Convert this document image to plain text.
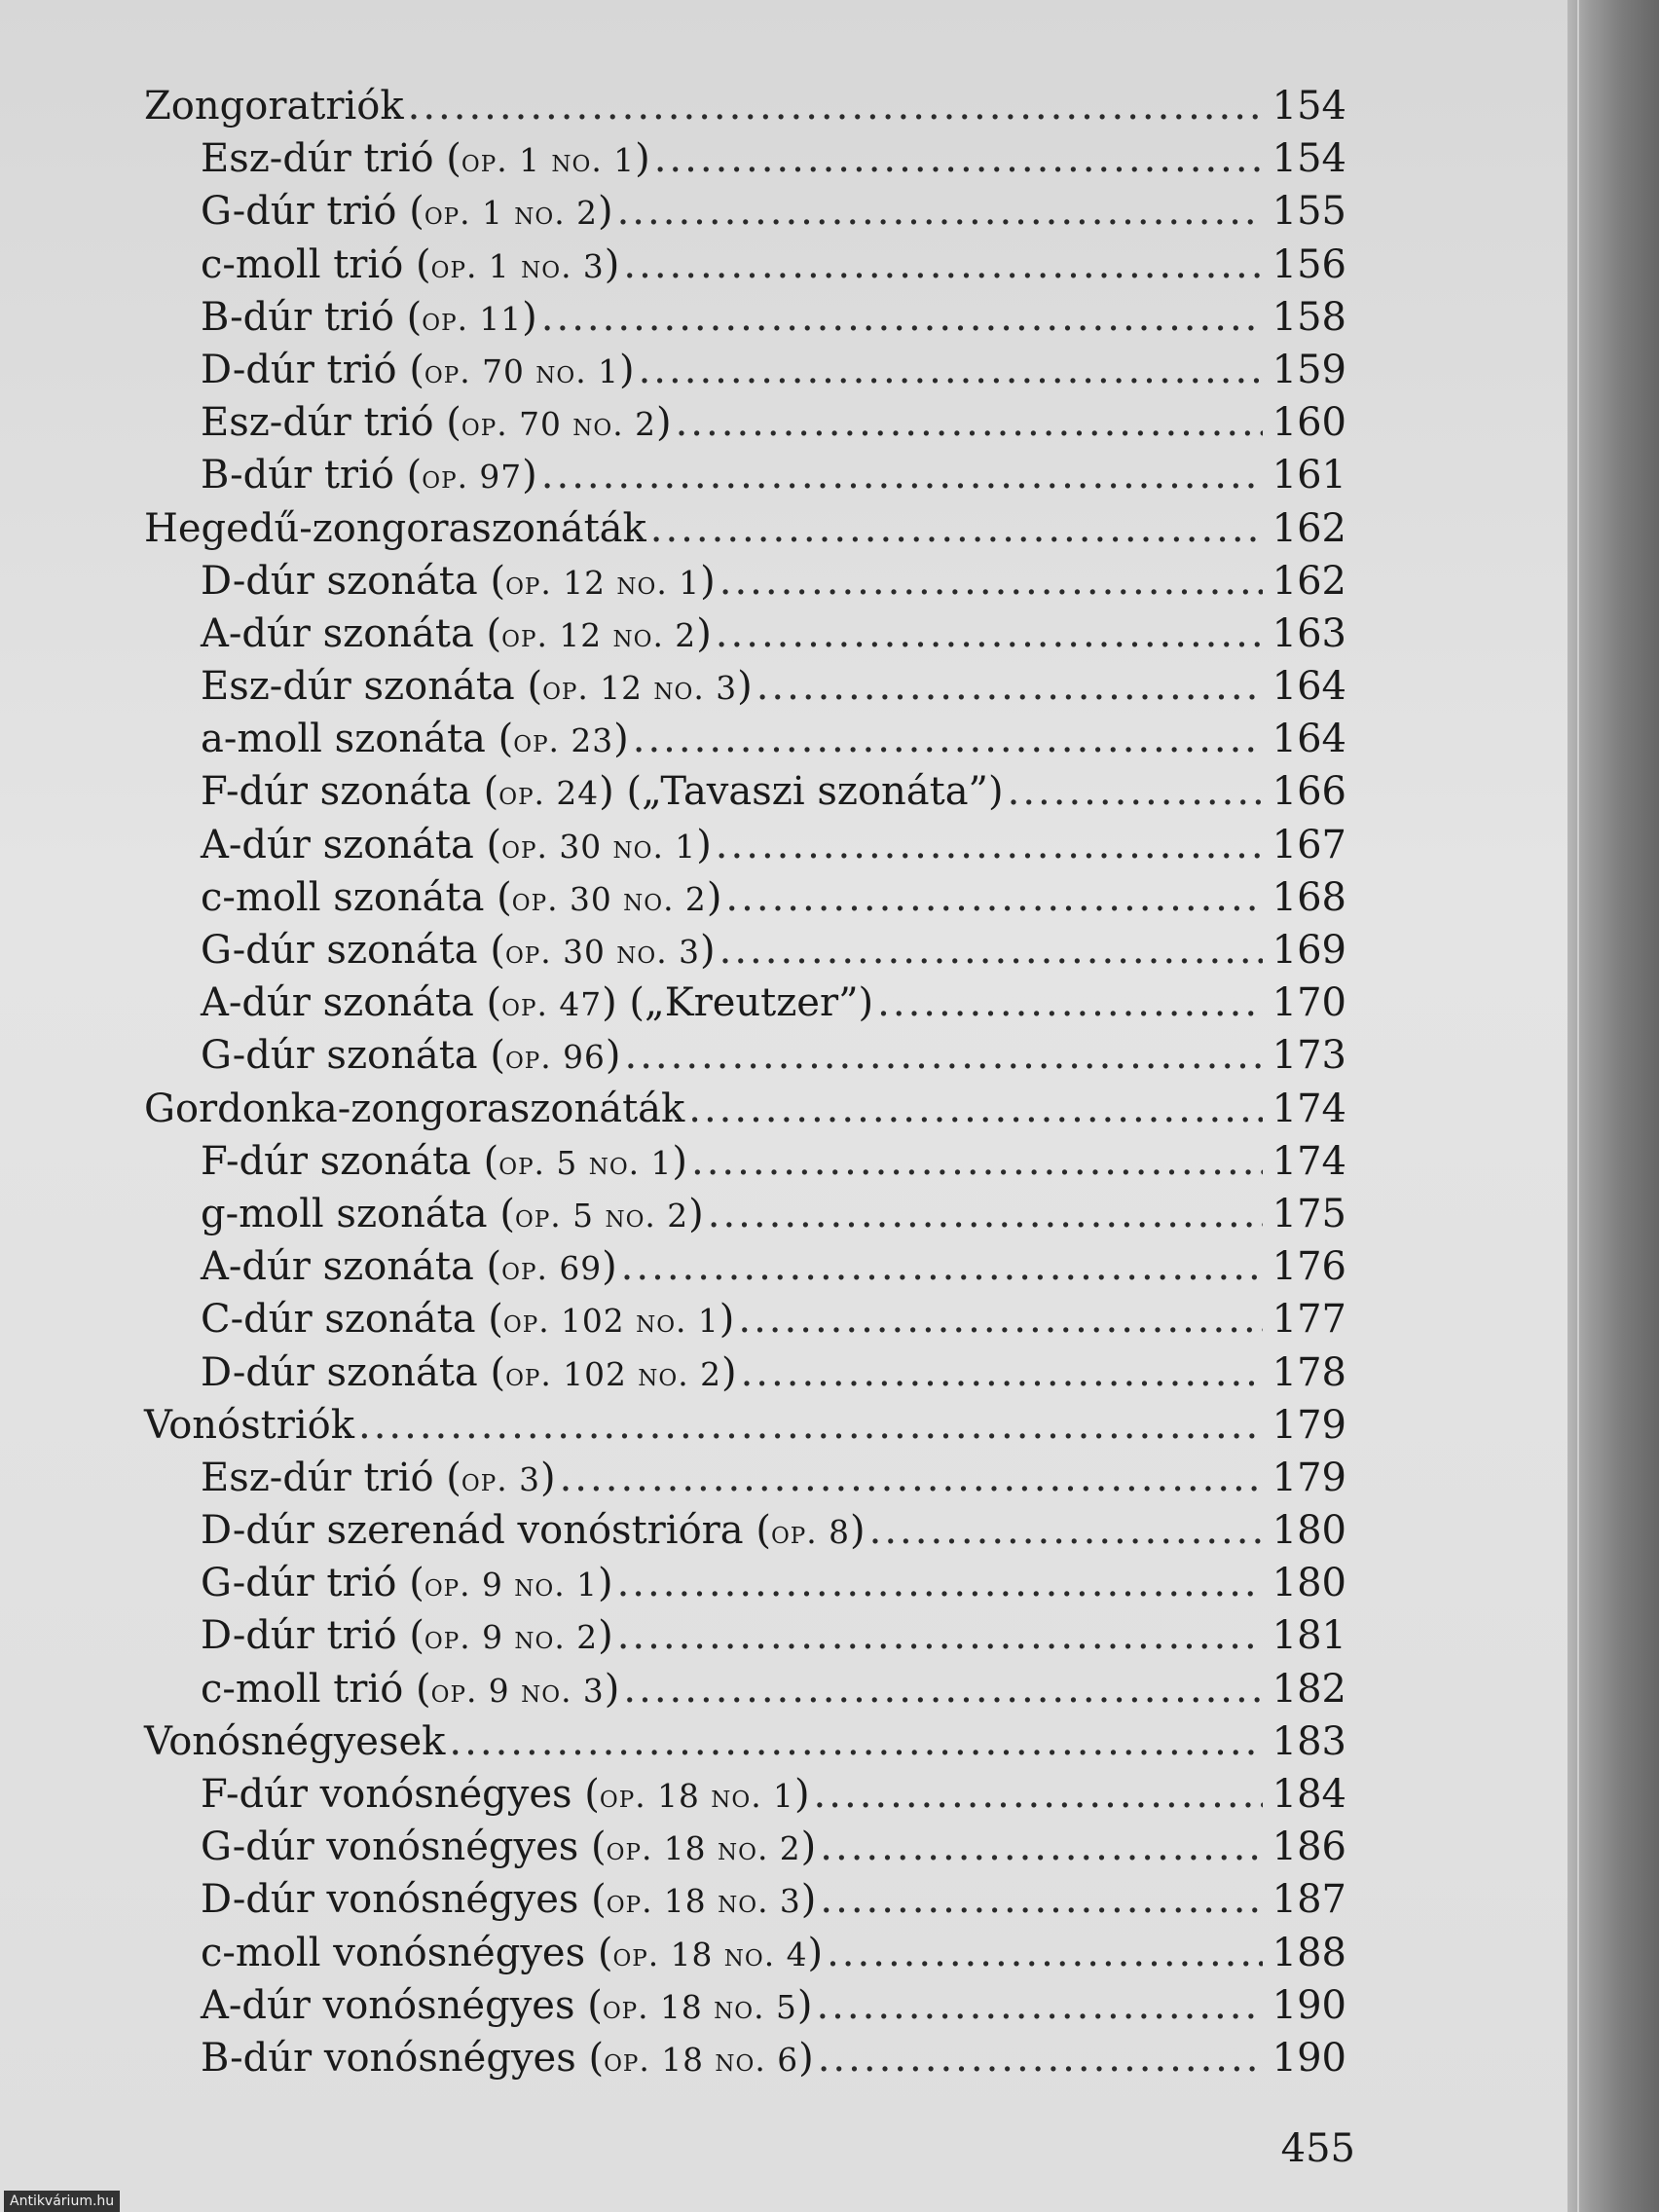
Zongoratriók .....	154
Esz-dúr trió (op. 1 no. 1) .....	154
G-dúr trió (op. 1 no. 2) .....	155
c-moll trió (op. 1 no. 3) .....	156
B-dúr trió (op. 11) .....	158
D-dúr trió (op. 70 no. 1) .....	159
Esz-dúr trió (op. 70 no. 2) .....	160
B-dúr trió (op. 97) .....	161
Hegedű-zongoraszonáták .....	162
D-dúr szonáta (op. 12 no. 1) .....	162
A-dúr szonáta (op. 12 no. 2) .....	163
Esz-dúr szonáta (op. 12 no. 3) .....	164
a-moll szonáta (op. 23) .....	164
F-dúr szonáta (op. 24) („Tavaszi szonáta”) .....	166
A-dúr szonáta (op. 30 no. 1) .....	167
c-moll szonáta (op. 30 no. 2) .....	168
G-dúr szonáta (op. 30 no. 3) .....	169
A-dúr szonáta (op. 47) („Kreutzer”) .....	170
G-dúr szonáta (op. 96) .....	173
Gordonka-zongoraszonáták .....	174
F-dúr szonáta (op. 5 no. 1) .....	174
g-moll szonáta (op. 5 no. 2) .....	175
A-dúr szonáta (op. 69) .....	176
C-dúr szonáta (op. 102 no. 1) .....	177
D-dúr szonáta (op. 102 no. 2) .....	178
Vonóstriók .....	179
Esz-dúr trió (op. 3) .....	179
D-dúr szerenád vonóstrióra (op. 8) .....	180
G-dúr trió (op. 9 no. 1) .....	180
D-dúr trió (op. 9 no. 2) .....	181
c-moll trió (op. 9 no. 3) .....	182
Vonósnégyesek .....	183
F-dúr vonósnégyes (op. 18 no. 1) .....	184
G-dúr vonósnégyes (op. 18 no. 2) .....	186
D-dúr vonósnégyes (op. 18 no. 3) .....	187
c-moll vonósnégyes (op. 18 no. 4) .....	188
A-dúr vonósnégyes (op. 18 no. 5) .....	190
B-dúr vonósnégyes (op. 18 no. 6) .....	190
455
Antikvárium.hu
